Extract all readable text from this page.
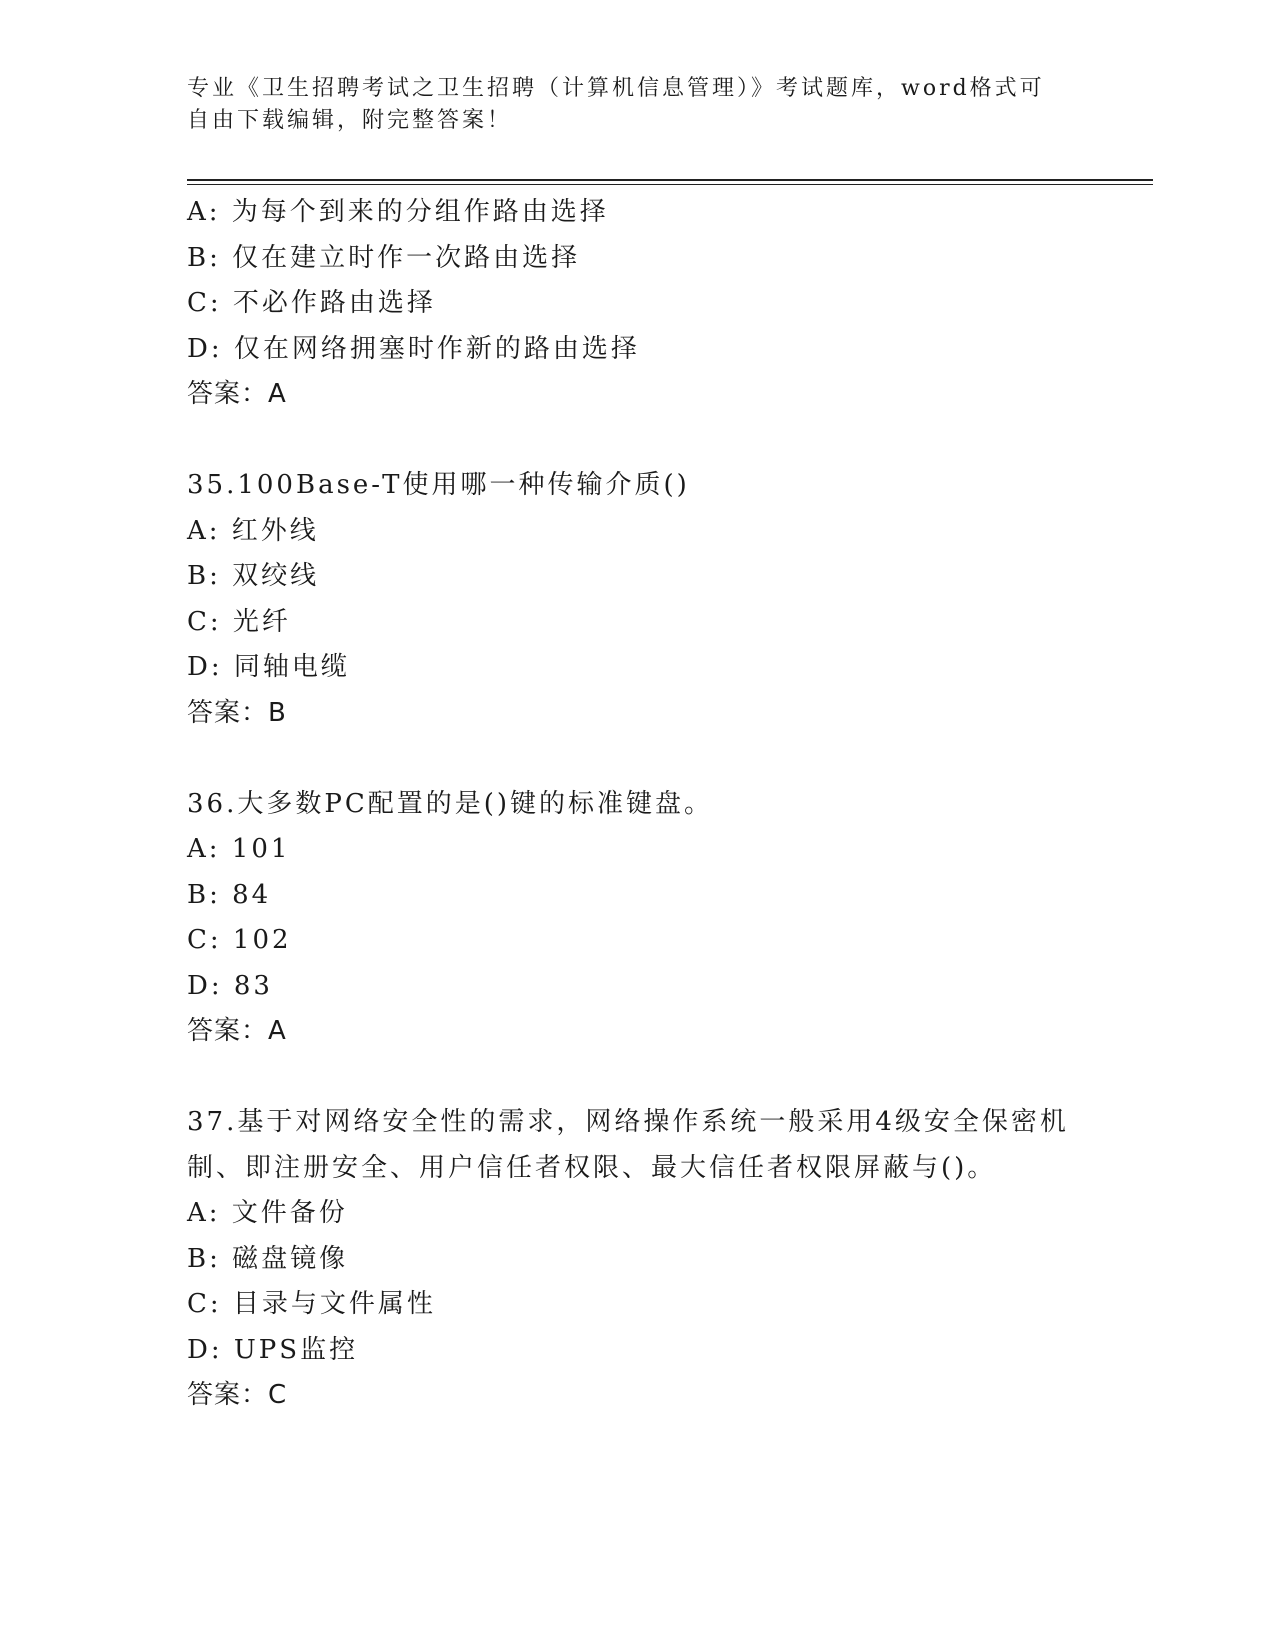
专业《卫生招聘考试之卫生招聘（计算机信息管理）》考试题库，word格式可自由下载编辑，附完整答案！
A: 为每个到来的分组作路由选择
B: 仅在建立时作一次路由选择
C: 不必作路由选择
D: 仅在网络拥塞时作新的路由选择
答案：A
35.100Base-T使用哪一种传输介质()
A: 红外线
B: 双绞线
C: 光纤
D: 同轴电缆
答案：B
36.大多数PC配置的是()键的标准键盘。
A: 101
B: 84
C: 102
D: 83
答案：A
37.基于对网络安全性的需求，网络操作系统一般采用4级安全保密机制、即注册安全、用户信任者权限、最大信任者权限屏蔽与()。
A: 文件备份
B: 磁盘镜像
C: 目录与文件属性
D: UPS监控
答案：C
